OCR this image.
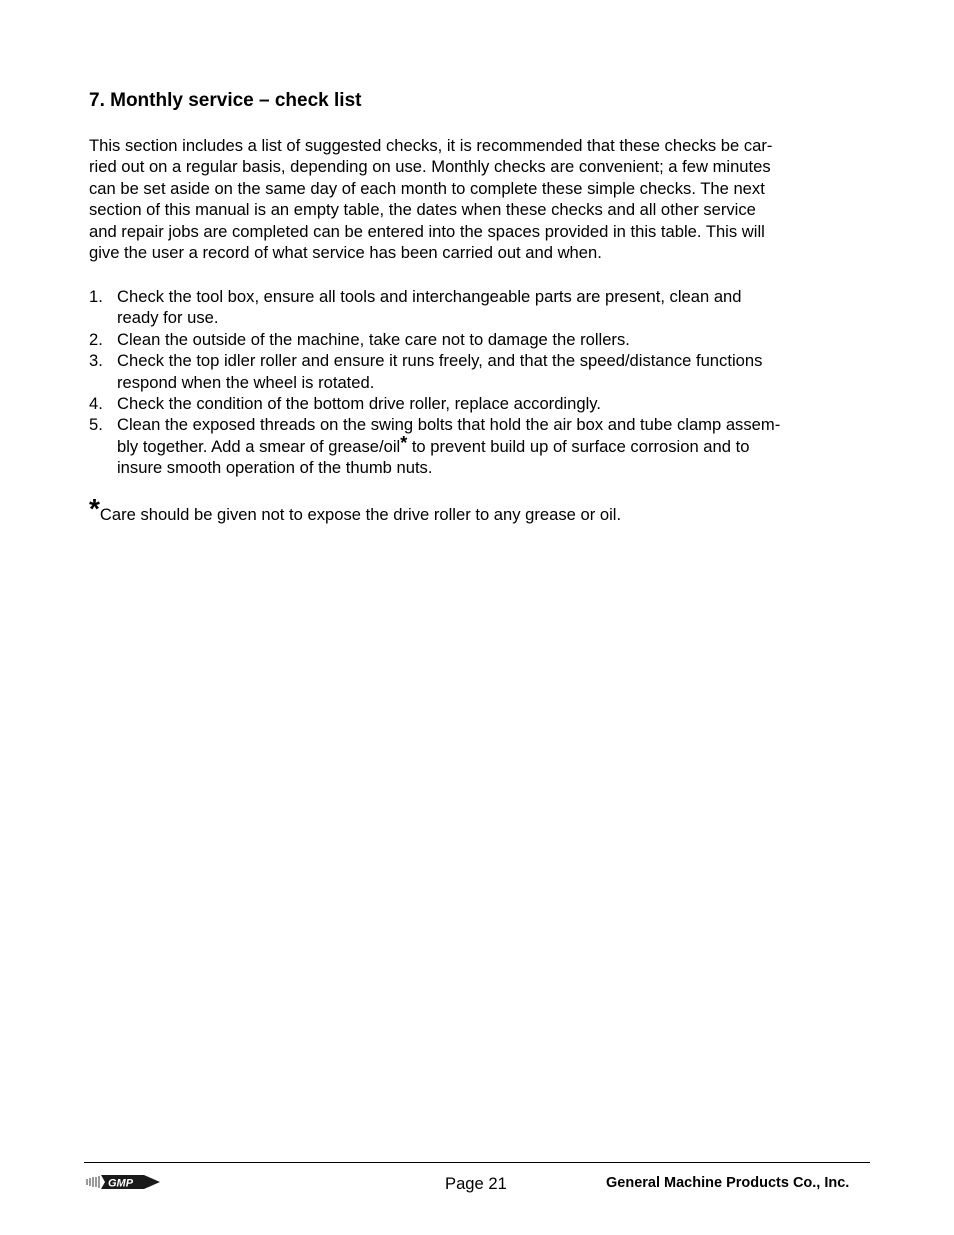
7. Monthly service – check list
This section includes a list of suggested checks, it is recommended that these checks be car-
ried out on a regular basis, depending on use. Monthly checks are convenient; a few minutes
can be set aside on the same day of each month to complete these simple checks. The next
section of this manual is an empty table, the dates when these checks and all other service
and repair jobs are completed can be entered into the spaces provided in this table. This will
give the user a record of what service has been carried out and when.
1. Check the tool box, ensure all tools and interchangeable parts are present, clean and
ready for use.
2. Clean the outside of the machine, take care not to damage the rollers.
3. Check the top idler roller and ensure it runs freely, and that the speed/distance functions
respond when the wheel is rotated.
4. Check the condition of the bottom drive roller, replace accordingly.
5. Clean the exposed threads on the swing bolts that hold the air box and tube clamp assem-
bly together. Add a smear of grease/oil* to prevent build up of surface corrosion and to
insure smooth operation of the thumb nuts.
*Care should be given not to expose the drive roller to any grease or oil.
GMP	Page 21	General Machine Products Co., Inc.
